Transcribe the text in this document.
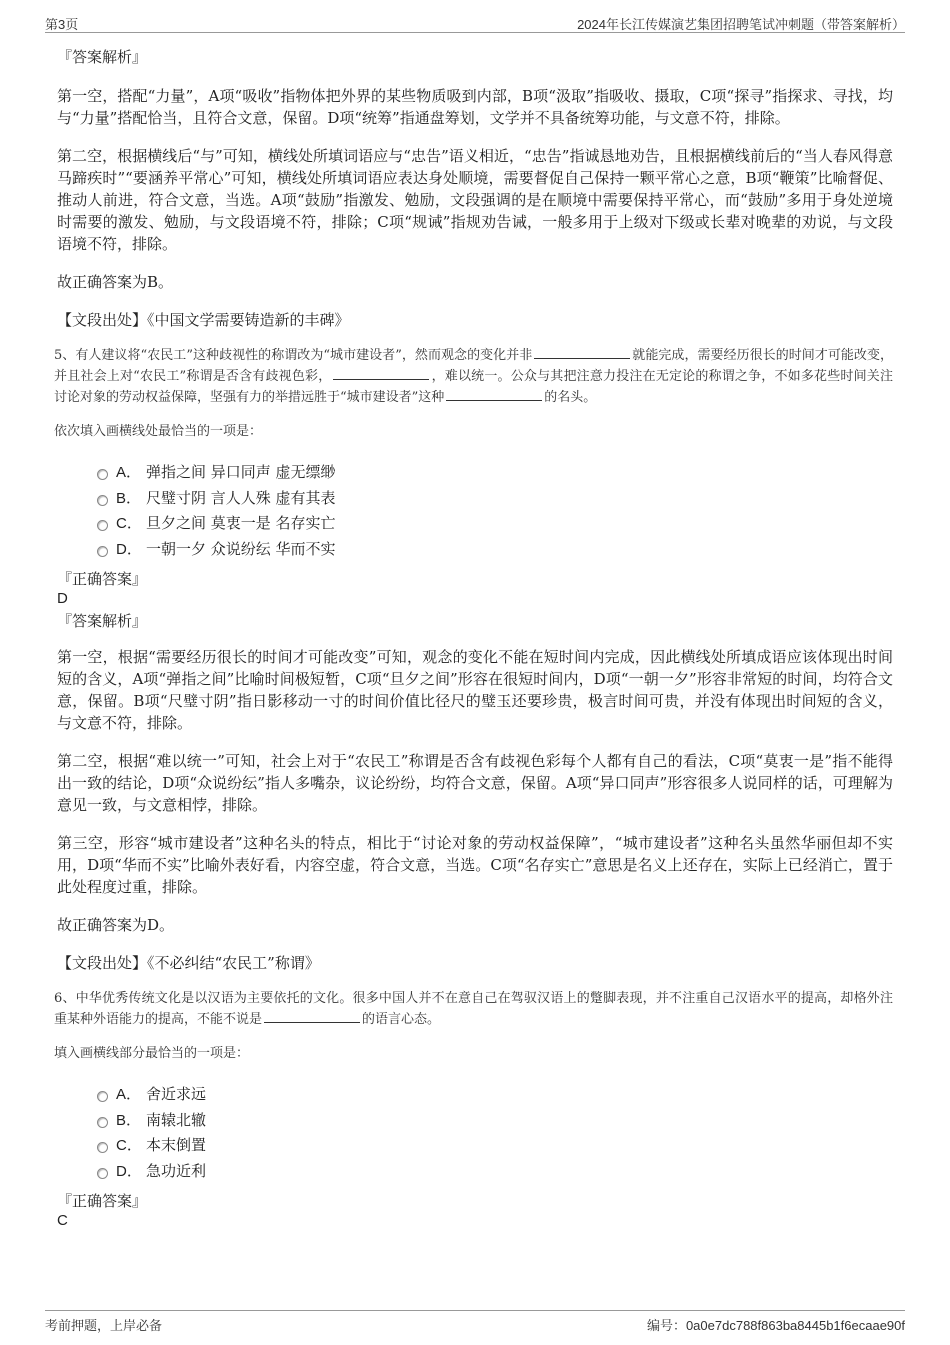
第3页	2024年长江传媒演艺集团招聘笔试冲刺题（带答案解析）
『答案解析』

第一空，搭配“力量”，A项“吸收”指物体把外界的某些物质吸到内部，B项“汲取”指吸收、摄取，C项“探寻”指探求、寻找，均与“力量”搭配恰当，且符合文意，保留。D项“统筹”指通盘筹划，文学并不具备统筹功能，与文意不符，排除。

第二空，根据横线后“与”可知，横线处所填词语应与“忠告”语义相近，“忠告”指诚恳地劝告，且根据横线前后的“当人春风得意马蹄疾时”“要涵养平常心”可知，横线处所填词语应表达身处顺境，需要督促自己保持一颗平常心之意，B项“鞭策”比喻督促、推动人前进，符合文意，当选。A项“鼓励”指激发、勉励，文段强调的是在顺境中需要保持平常心，而“鼓励”多用于身处逆境时需要的激发、勉励，与文段语境不符，排除；C项“规诫”指规劝告诫，一般多用于上级对下级或长辈对晚辈的劝说，与文段语境不符，排除。

故正确答案为B。

【文段出处】《中国文学需要铸造新的丰碑》

5、有人建议将“农民工”这种歧视性的称谓改为“城市建设者”，然而观念的变化并非	就能完成，需要经历很长的时间才可能改变，并且社会上对“农民工”称谓是否含有歧视色彩，	，难以统一。公众与其把注意力投注在无定论的称谓之争，不如多花些时间关注讨论对象的劳动权益保障，坚强有力的举措远胜于“城市建设者”这种	的名头。
依次填入画横线处最恰当的一项是：
A． 弹指之间 异口同声 虚无缥缈
B． 尺璧寸阴 言人人殊 虚有其表
C． 旦夕之间 莫衷一是 名存实亡
D． 一朝一夕 众说纷纭 华而不实
『正确答案』
D
『答案解析』

第一空，根据“需要经历很长的时间才可能改变”可知，观念的变化不能在短时间内完成，因此横线处所填成语应该体现出时间短的含义，A项“弹指之间”比喻时间极短暂，C项“旦夕之间”形容在很短时间内，D项“一朝一夕”形容非常短的时间，均符合文意，保留。B项“尺璧寸阴”指日影移动一寸的时间价值比径尺的璧玉还要珍贵，极言时间可贵，并没有体现出时间短的含义，与文意不符，排除。

第二空，根据“难以统一”可知，社会上对于“农民工”称谓是否含有歧视色彩每个人都有自己的看法，C项“莫衷一是”指不能得出一致的结论，D项“众说纷纭”指人多嘴杂，议论纷纷，均符合文意，保留。A项“异口同声”形容很多人说同样的话，可理解为意见一致，与文意相悖，排除。

第三空，形容“城市建设者”这种名头的特点，相比于“讨论对象的劳动权益保障”，“城市建设者”这种名头虽然华丽但却不实用，D项“华而不实”比喻外表好看，内容空虚，符合文意，当选。C项“名存实亡”意思是名义上还存在，实际上已经消亡，置于此处程度过重，排除。

故正确答案为D。

【文段出处】《不必纠结“农民工”称谓》

6、中华优秀传统文化是以汉语为主要依托的文化。很多中国人并不在意自己在驾驭汉语上的蹩脚表现，并不注重自己汉语水平的提高，却格外注重某种外语能力的提高，不能不说是	的语言心态。
填入画横线部分最恰当的一项是：
A． 舍近求远
B． 南辕北辙
C． 本末倒置
D． 急功近利
『正确答案』
C
考前押题，上岸必备	编号：0a0e7dc788f863ba8445b1f6ecaae90f
